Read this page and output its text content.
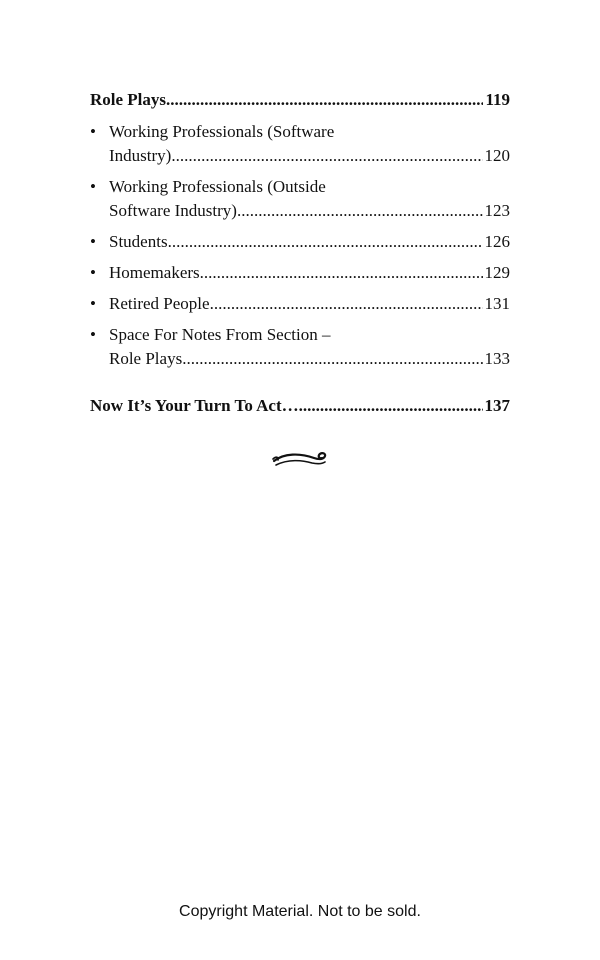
Role Plays .....	119
• Working Professionals (Software
Industry) .....	120
• Working Professionals (Outside
Software Industry) .....	123
• Students .....	126
• Homemakers .....	129
• Retired People .....	131
• Space For Notes From Section –
Role Plays .....	133
Now It’s Your Turn To Act… .....	137
Copyright Material. Not to be sold.
